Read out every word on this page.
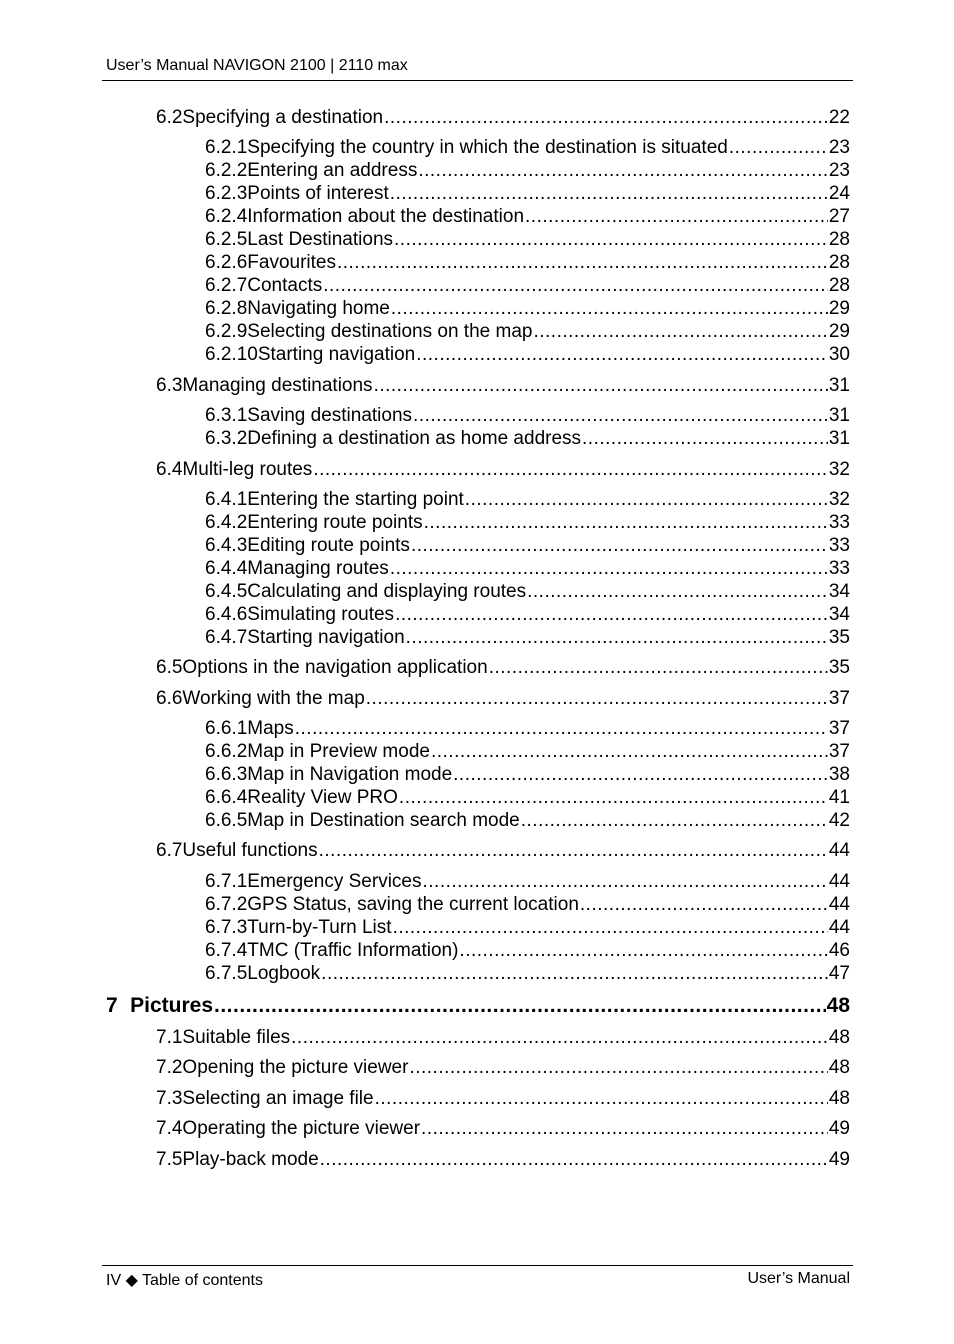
User’s Manual NAVIGON 2100 | 2110 max
6.2 Specifying a destination .....	22
6.2.1 Specifying the country in which the destination is situated .....	23
6.2.2 Entering an address .....	23
6.2.3 Points of interest .....	24
6.2.4 Information about the destination .....	27
6.2.5 Last Destinations .....	28
6.2.6 Favourites .....	28
6.2.7 Contacts .....	28
6.2.8 Navigating home .....	29
6.2.9 Selecting destinations on the map .....	29
6.2.10 Starting navigation .....	30
6.3 Managing destinations .....	31
6.3.1 Saving destinations .....	31
6.3.2 Defining a destination as home address .....	31
6.4 Multi-leg routes .....	32
6.4.1 Entering the starting point .....	32
6.4.2 Entering route points .....	33
6.4.3 Editing route points .....	33
6.4.4 Managing routes .....	33
6.4.5 Calculating and displaying routes .....	34
6.4.6 Simulating routes .....	34
6.4.7 Starting navigation .....	35
6.5 Options in the navigation application .....	35
6.6 Working with the map .....	37
6.6.1 Maps .....	37
6.6.2 Map in Preview mode .....	37
6.6.3 Map in Navigation mode .....	38
6.6.4 Reality View PRO .....	41
6.6.5 Map in Destination search mode .....	42
6.7 Useful functions .....	44
6.7.1 Emergency Services .....	44
6.7.2 GPS Status, saving the current location .....	44
6.7.3 Turn-by-Turn List .....	44
6.7.4 TMC (Traffic Information) .....	46
6.7.5 Logbook .....	47
7 Pictures .....	48
7.1 Suitable files .....	48
7.2 Opening the picture viewer .....	48
7.3 Selecting an image file .....	48
7.4 Operating the picture viewer .....	49
7.5 Play-back mode .....	49
IV ◆ Table of contents	User’s Manual
